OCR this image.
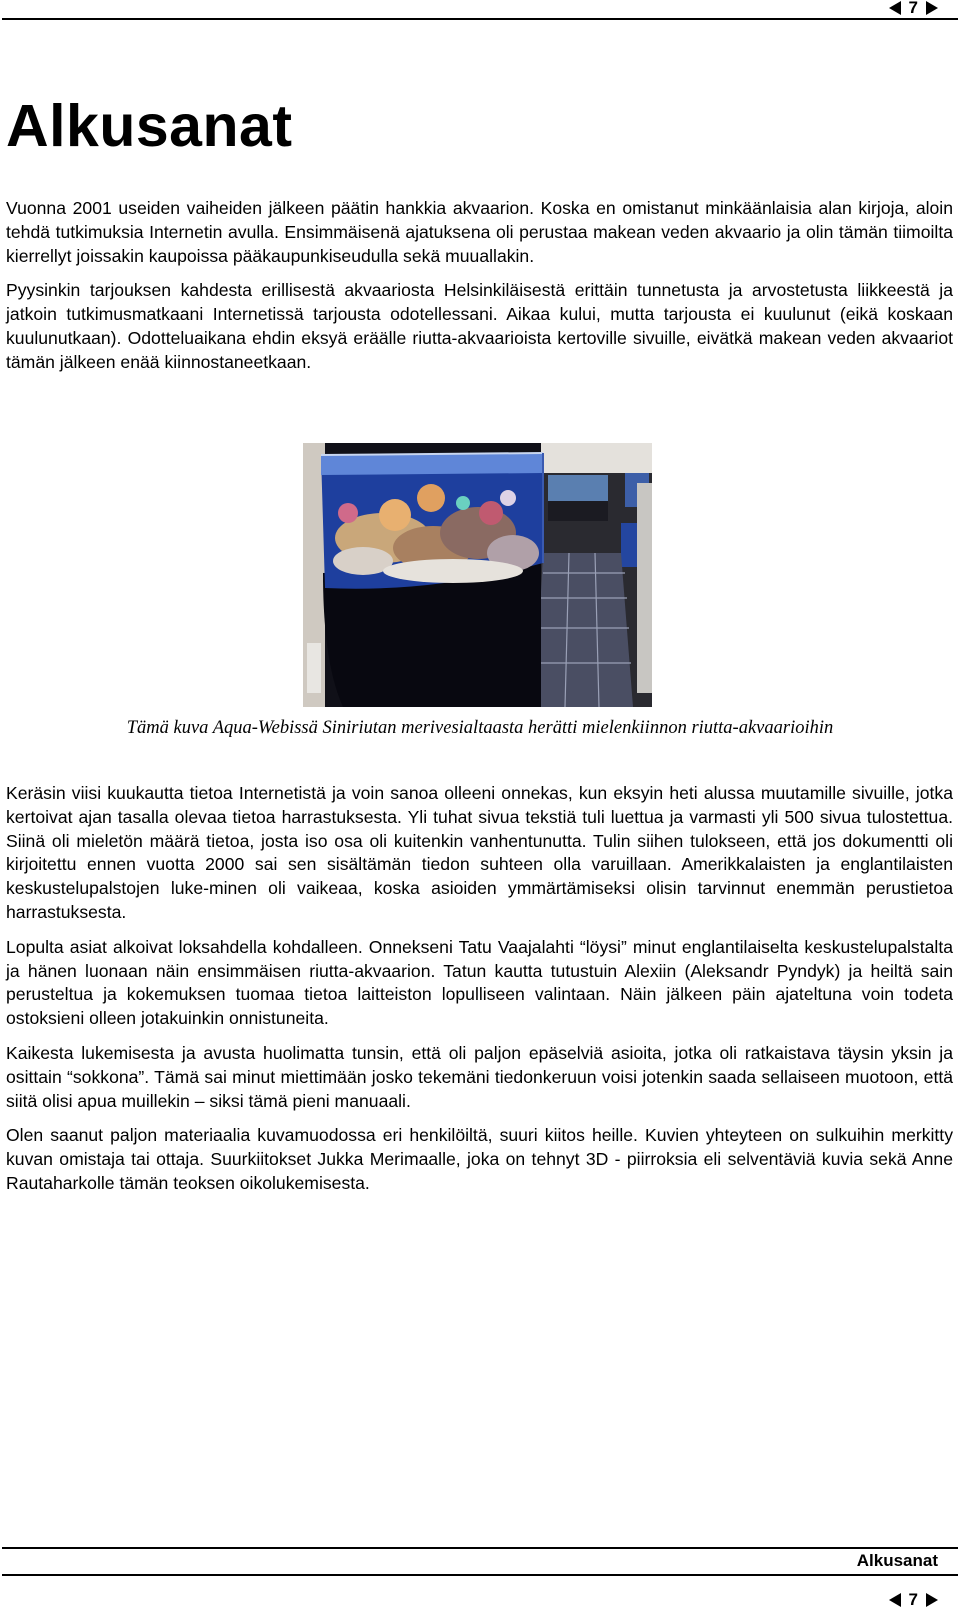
7
Alkusanat

Vuonna 2001 useiden vaiheiden jälkeen päätin hankkia akvaarion. Koska en omistanut minkäänlaisia alan kirjoja, aloin tehdä tutkimuksia Internetin avulla. Ensimmäisenä ajatuksena oli perustaa makean veden akvaario ja olin tämän tiimoilta kierrellyt joissakin kaupoissa pääkaupunkiseudulla sekä muuallakin.

Pyysinkin tarjouksen kahdesta erillisestä akvaariosta Helsinkiläisestä erittäin tunnetusta ja arvostetusta liikkeestä ja jatkoin tutkimusmatkaani Internetissä tarjousta odotellessani. Aikaa kului, mutta tarjousta ei kuulunut (eikä koskaan kuulunutkaan). Odotteluaikana ehdin eksyä eräälle riutta-akvaarioista kertoville sivuille, eivätkä makean veden akvaariot tämän jälkeen enää kiinnostaneetkaan.

Tämä kuva Aqua-Webissä Siniriutan merivesialtaasta herätti mielenkiinnon riutta-akvaarioihin

Keräsin viisi kuukautta tietoa Internetistä ja voin sanoa olleeni onnekas, kun eksyin heti alussa muutamille sivuille, jotka kertoivat ajan tasalla olevaa tietoa harrastuksesta. Yli tuhat sivua tekstiä tuli luettua ja varmasti yli 500 sivua tulostettua. Siinä oli mieletön määrä tietoa, josta iso osa oli kuitenkin vanhentunutta. Tulin siihen tulokseen, että jos dokumentti oli kirjoitettu ennen vuotta 2000 sai sen sisältämän tiedon suhteen olla varuillaan. Amerikkalaisten ja englantilaisten keskustelupalstojen luke-minen oli vaikeaa, koska asioiden ymmärtämiseksi olisin tarvinnut enemmän perustietoa harrastuksesta.

Lopulta asiat alkoivat loksahdella kohdalleen. Onnekseni Tatu Vaajalahti “löysi” minut englantilaiselta keskustelupalstalta ja hänen luonaan näin ensimmäisen riutta-akvaarion. Tatun kautta tutustuin Alexiin (Aleksandr Pyndyk) ja heiltä sain perusteltua ja kokemuksen tuomaa tietoa laitteiston lopulliseen valintaan. Näin jälkeen päin ajateltuna voin todeta ostoksieni olleen jotakuinkin onnistuneita.

Kaikesta lukemisesta ja avusta huolimatta tunsin, että oli paljon epäselviä asioita, jotka oli ratkaistava täysin yksin ja osittain “sokkona”. Tämä sai minut miettimään josko tekemäni tiedonkeruun voisi jotenkin saada sellaiseen muotoon, että siitä olisi apua muillekin – siksi tämä pieni manuaali.

Olen saanut paljon materiaalia kuvamuodossa eri henkilöiltä, suuri kiitos heille. Kuvien yhteyteen on sulkuihin merkitty kuvan omistaja tai ottaja. Suurkiitokset Jukka Merimaalle, joka on tehnyt 3D - piirroksia eli selventäviä kuvia sekä Anne Rautaharkolle tämän teoksen oikolukemisesta.

Alkusanat
7
